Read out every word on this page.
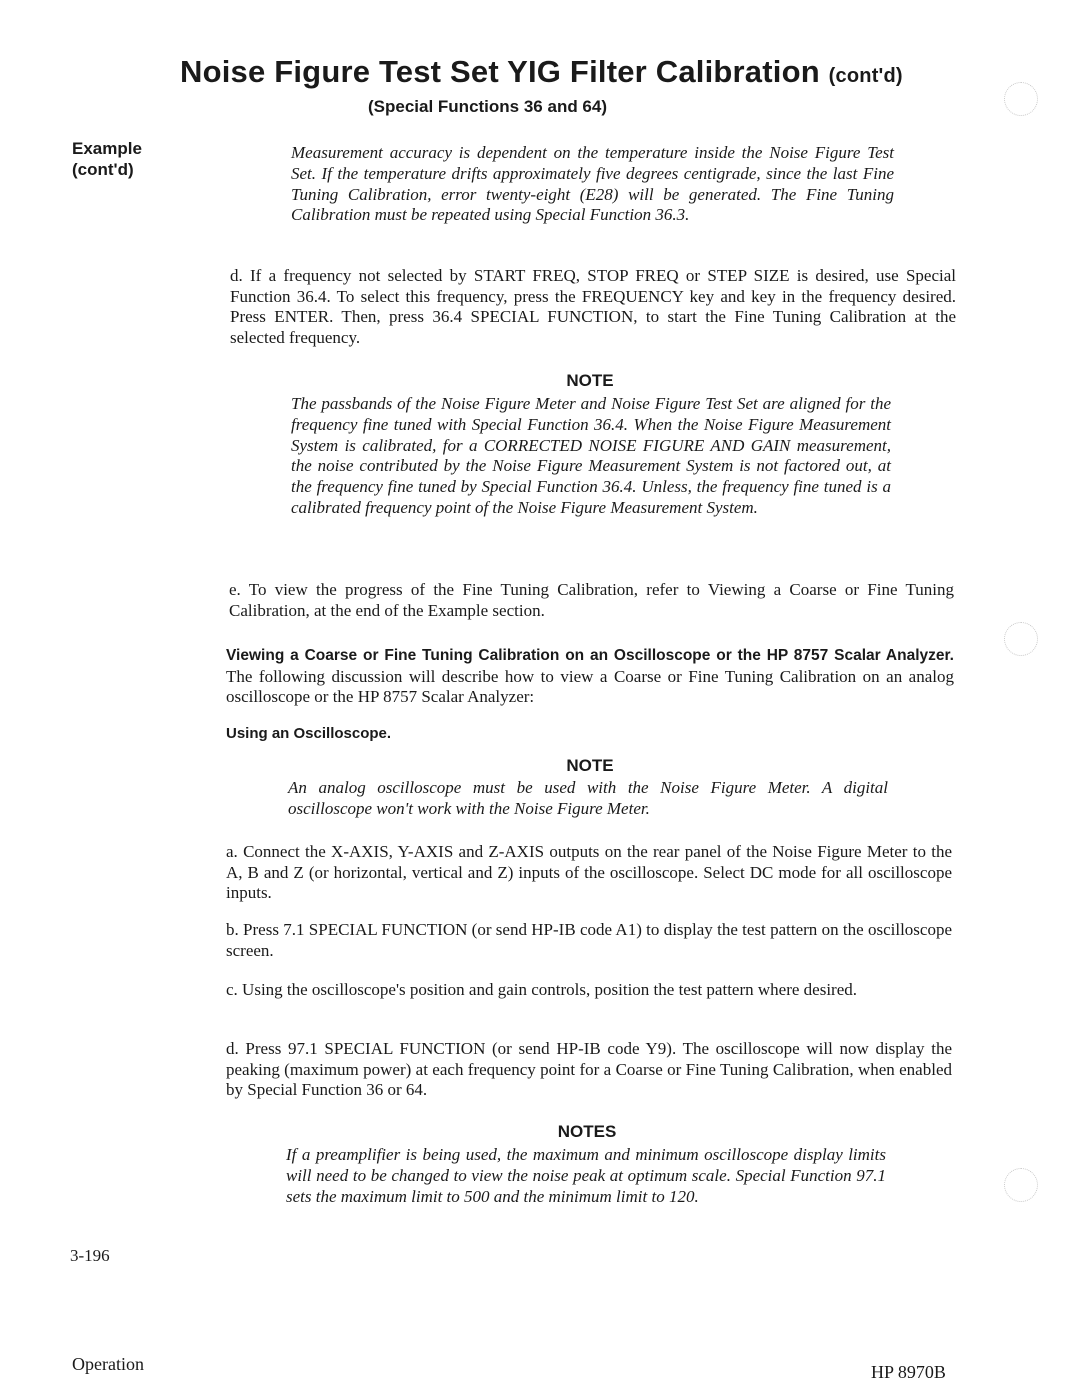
Noise Figure Test Set YIG Filter Calibration (cont'd)
(Special Functions 36 and 64)
Example
(cont'd)
Measurement accuracy is dependent on the temperature inside the Noise Figure Test Set. If the temperature drifts approximately five degrees centigrade, since the last Fine Tuning Calibration, error twenty-eight (E28) will be generated. The Fine Tuning Calibration must be repeated using Special Function 36.3.
d. If a frequency not selected by START FREQ, STOP FREQ or STEP SIZE is desired, use Special Function 36.4. To select this frequency, press the FREQUENCY key and key in the frequency desired. Press ENTER. Then, press 36.4 SPECIAL FUNCTION, to start the Fine Tuning Calibration at the selected frequency.
NOTE
The passbands of the Noise Figure Meter and Noise Figure Test Set are aligned for the frequency fine tuned with Special Function 36.4. When the Noise Figure Measurement System is calibrated, for a CORRECTED NOISE FIGURE AND GAIN measurement, the noise contributed by the Noise Figure Measurement System is not factored out, at the frequency fine tuned by Special Function 36.4. Unless, the frequency fine tuned is a calibrated frequency point of the Noise Figure Measurement System.
e. To view the progress of the Fine Tuning Calibration, refer to Viewing a Coarse or Fine Tuning Calibration, at the end of the Example section.
Viewing a Coarse or Fine Tuning Calibration on an Oscilloscope or the HP 8757 Scalar Analyzer. The following discussion will describe how to view a Coarse or Fine Tuning Calibration on an analog oscilloscope or the HP 8757 Scalar Analyzer:
Using an Oscilloscope.
NOTE
An analog oscilloscope must be used with the Noise Figure Meter. A digital oscilloscope won't work with the Noise Figure Meter.
a. Connect the X-AXIS, Y-AXIS and Z-AXIS outputs on the rear panel of the Noise Figure Meter to the A, B and Z (or horizontal, vertical and Z) inputs of the oscilloscope. Select DC mode for all oscilloscope inputs.
b. Press 7.1 SPECIAL FUNCTION (or send HP-IB code A1) to display the test pattern on the oscilloscope screen.
c. Using the oscilloscope's position and gain controls, position the test pattern where desired.
d. Press 97.1 SPECIAL FUNCTION (or send HP-IB code Y9). The oscilloscope will now display the peaking (maximum power) at each frequency point for a Coarse or Fine Tuning Calibration, when enabled by Special Function 36 or 64.
NOTES
If a preamplifier is being used, the maximum and minimum oscilloscope display limits will need to be changed to view the noise peak at optimum scale. Special Function 97.1 sets the maximum limit to 500 and the minimum limit to 120.
3-196
Operation	HP 8970B
